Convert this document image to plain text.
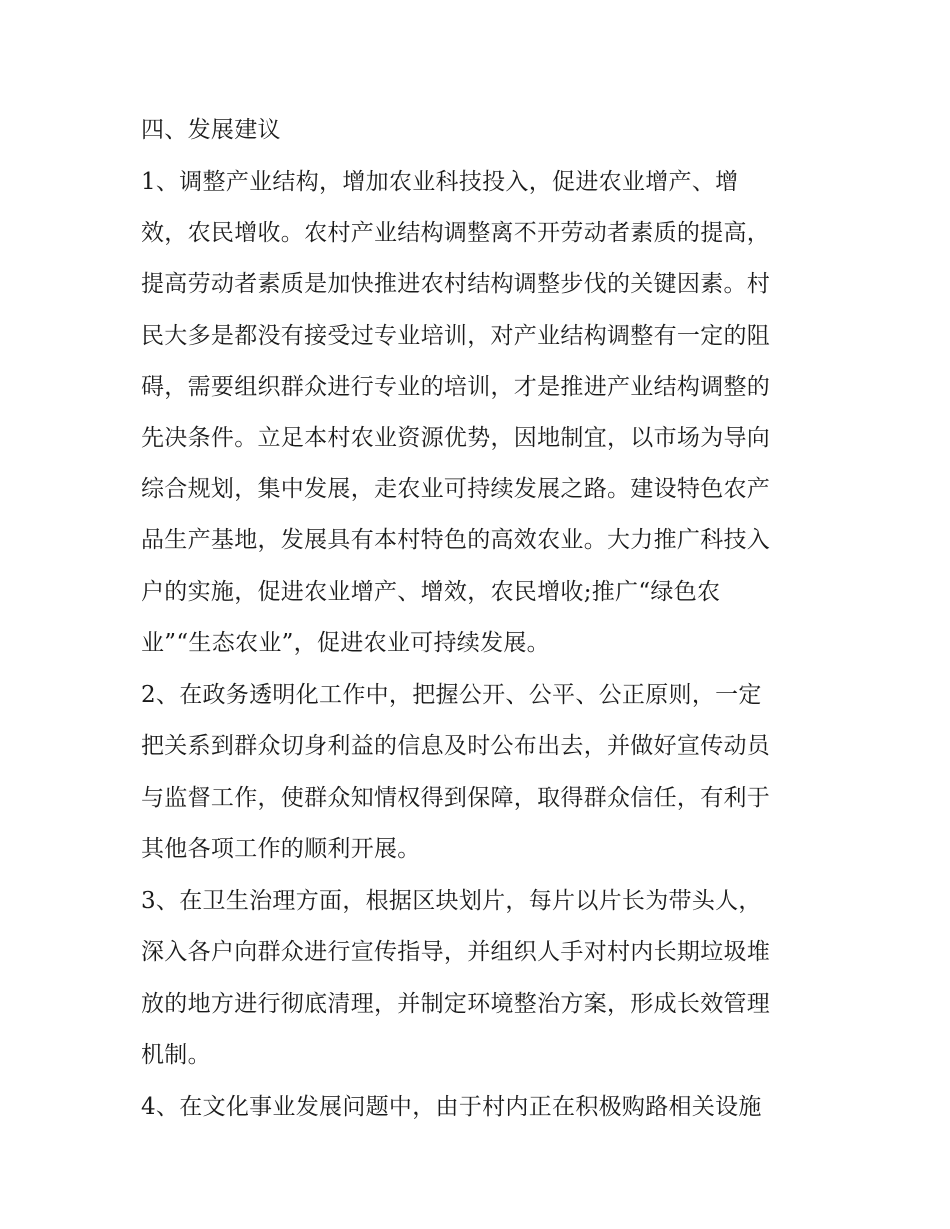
四、发展建议

1、调整产业结构，增加农业科技投入，促进农业增产、增

效，农民增收。农村产业结构调整离不开劳动者素质的提高，

提高劳动者素质是加快推进农村结构调整步伐的关键因素。村

民大多是都没有接受过专业培训，对产业结构调整有一定的阻

碍，需要组织群众进行专业的培训，才是推进产业结构调整的

先决条件。立足本村农业资源优势，因地制宜，以市场为导向

综合规划，集中发展，走农业可持续发展之路。建设特色农产

品生产基地，发展具有本村特色的高效农业。大力推广科技入

户的实施，促进农业增产、增效，农民增收;推广“绿色农

业”“生态农业”，促进农业可持续发展。

2、在政务透明化工作中，把握公开、公平、公正原则，一定

把关系到群众切身利益的信息及时公布出去，并做好宣传动员

与监督工作，使群众知情权得到保障，取得群众信任，有利于

其他各项工作的顺利开展。

3、在卫生治理方面，根据区块划片，每片以片长为带头人，

深入各户向群众进行宣传指导，并组织人手对村内长期垃圾堆

放的地方进行彻底清理，并制定环境整治方案，形成长效管理

机制。

4、在文化事业发展问题中，由于村内正在积极购路相关设施
